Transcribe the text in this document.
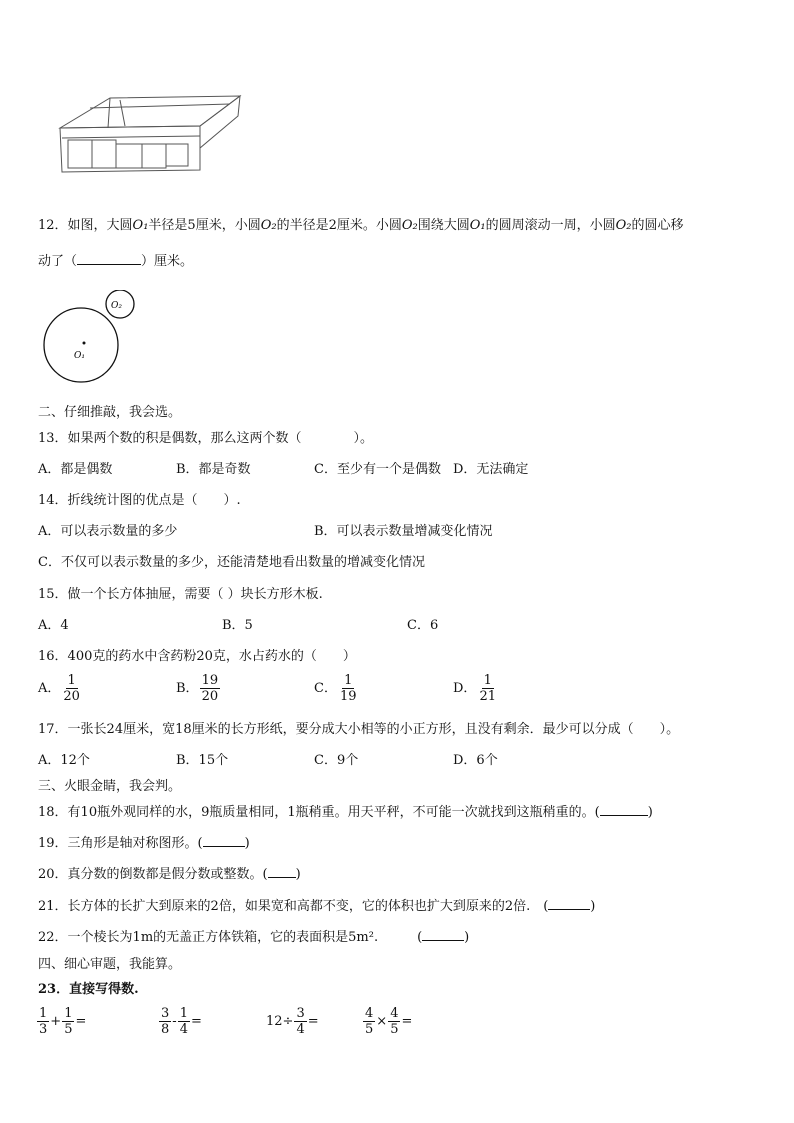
12．如图，大圆O₁半径是5厘米，小圆O₂的半径是2厘米。小圆O₂围绕大圆O₁的圆周滚动一周，小圆O₂的圆心移
动了（	）厘米。
O₁
O₂
二、仔细推敲，我会选。
13．如果两个数的积是偶数，那么这两个数（　　　　）。
A．都是偶数	B．都是奇数	C．至少有一个是偶数 D．无法确定
14．折线统计图的优点是（　　）.
A．可以表示数量的多少	B．可以表示数量增减变化情况
C．不仅可以表示数量的多少，还能清楚地看出数量的增减变化情况
15．做一个长方体抽屉，需要（ ）块长方形木板.
A．4	B．5	C．6
16．400克的药水中含药粉20克，水占药水的（　　）
A． $\frac{1}{20}$	B． $\frac{19}{20}$	C． $\frac{1}{19}$	D． $\frac{1}{21}$
17．一张长24厘米，宽18厘米的长方形纸，要分成大小相等的小正方形，且没有剩余．最少可以分成（　　）。
A．12个	B．15个	C．9个	D．6个
三、火眼金睛，我会判。
18．有10瓶外观同样的水，9瓶质量相同，1瓶稍重。用天平秤，不可能一次就找到这瓶稍重的。(	)
19．三角形是轴对称图形。(	)
20．真分数的倒数都是假分数或整数。( )
21．长方体的长扩大到原来的2倍，如果宽和高都不变，它的体积也扩大到原来的2倍.　(	)
22．一个棱长为1m的无盖正方体铁箱，它的表面积是5m².　　　(	)
四、细心审题，我能算。
23．直接写得数.
$\frac{1}{3} + \frac{1}{5}$ =	$\frac{3}{8} - \frac{1}{4}$ =	$12\div \frac{3}{4}$ =	$\frac{4}{5} \times \frac{4}{5}$ =
